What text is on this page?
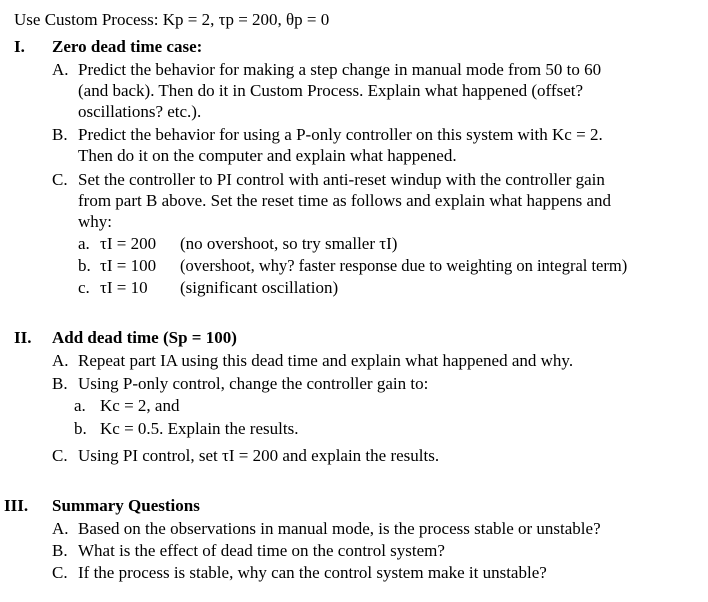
Use Custom Process: Kp = 2, τp = 200, θp = 0
I. Zero dead time case:
A. Predict the behavior for making a step change in manual mode from 50 to 60
(and back). Then do it in Custom Process. Explain what happened (offset?
oscillations? etc.).
B. Predict the behavior for using a P-only controller on this system with Kc = 2.
Then do it on the computer and explain what happened.
C. Set the controller to PI control with anti-reset windup with the controller gain
from part B above. Set the reset time as follows and explain what happens and
why:
a. τI = 200 (no overshoot, so try smaller τI)
b. τI = 100 (overshoot, why? faster response due to weighting on integral term)
c. τI = 10 (significant oscillation)
II. Add dead time (Sp = 100)
A. Repeat part IA using this dead time and explain what happened and why.
B. Using P-only control, change the controller gain to:
a. Kc = 2, and
b. Kc = 0.5. Explain the results.
C. Using PI control, set τI = 200 and explain the results.
III. Summary Questions
A. Based on the observations in manual mode, is the process stable or unstable?
B. What is the effect of dead time on the control system?
C. If the process is stable, why can the control system make it unstable?
